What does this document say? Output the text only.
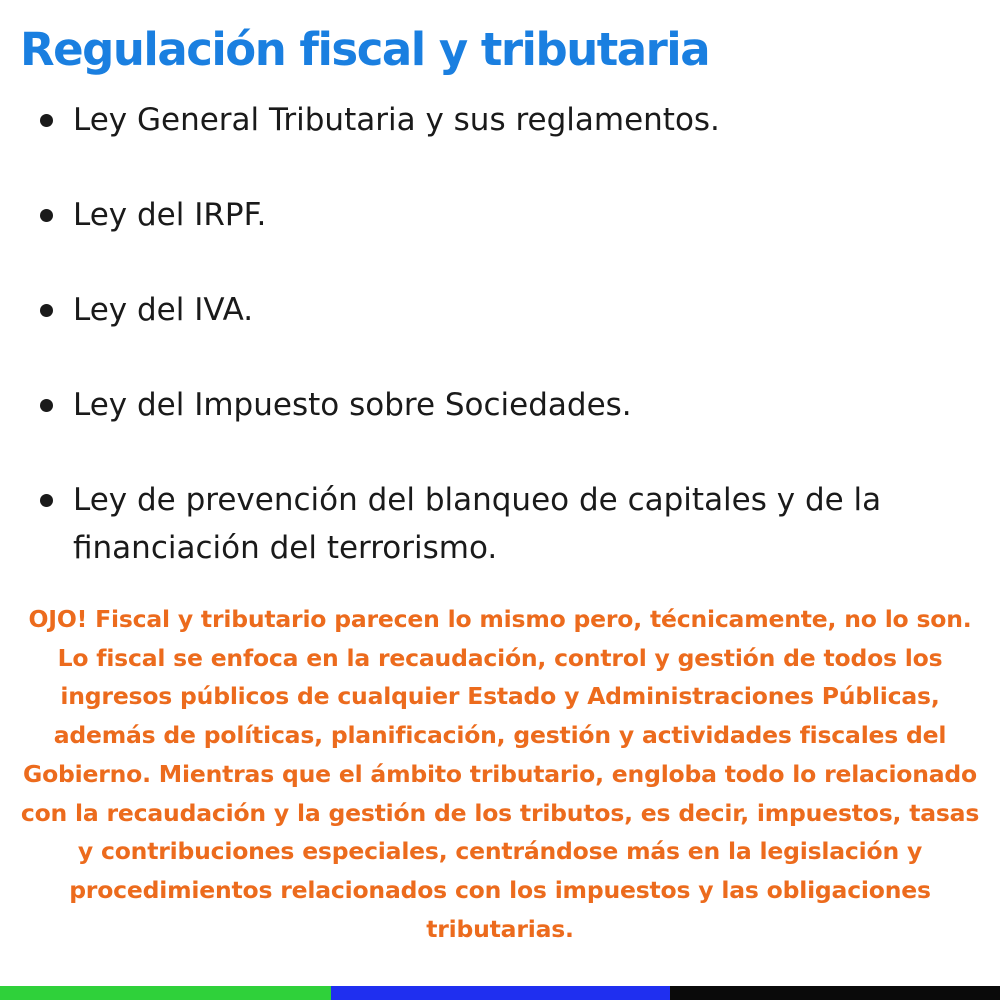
Regulación fiscal y tributaria
Ley General Tributaria y sus reglamentos.
Ley del IRPF.
Ley del IVA.
Ley del Impuesto sobre Sociedades.
Ley de prevención del blanqueo de capitales y de la financiación del terrorismo.

OJO! Fiscal y tributario parecen lo mismo pero, técnicamente, no lo son. Lo fiscal se enfoca en la recaudación, control y gestión de todos los ingresos públicos de cualquier Estado y Administraciones Públicas, además de políticas, planificación, gestión y actividades fiscales del Gobierno. Mientras que el ámbito tributario, engloba todo lo relacionado con la recaudación y la gestión de los tributos, es decir, impuestos, tasas y contribuciones especiales, centrándose más en la legislación y procedimientos relacionados con los impuestos y las obligaciones tributarias.
